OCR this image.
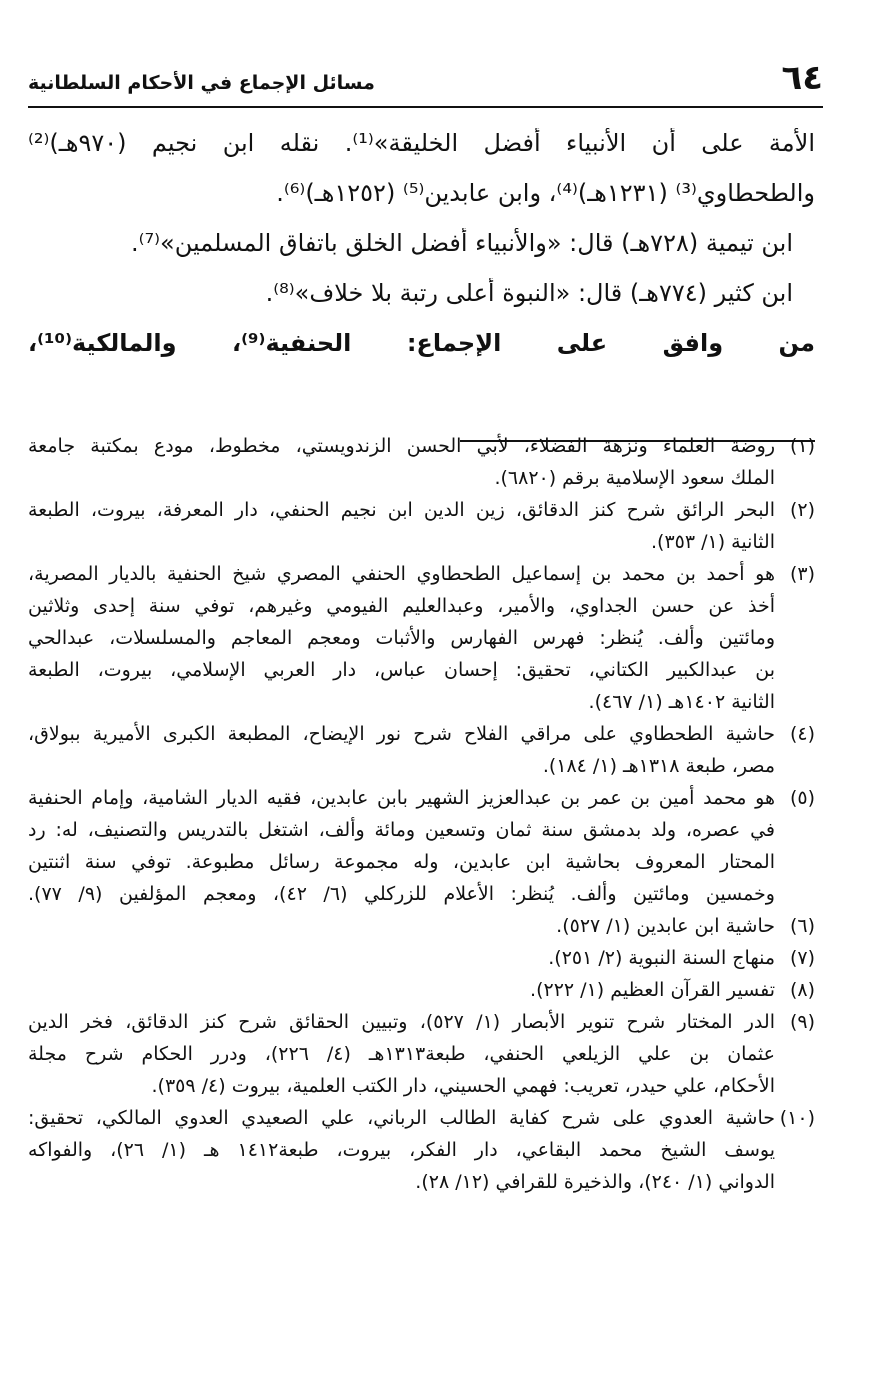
٦٤
مسائل الإجماع في الأحكام السلطانية
الأمة على أن الأنبياء أفضل الخليقة»⁽¹⁾. نقله ابن نجيم (٩٧٠هـ)⁽²⁾
والطحطاوي⁽³⁾ (١٢٣١هـ)⁽⁴⁾، وابن عابدين⁽⁵⁾ (١٢٥٢هـ)⁽⁶⁾.
ابن تيمية (٧٢٨هـ) قال: «والأنبياء أفضل الخلق باتفاق المسلمين»⁽⁷⁾.
ابن كثير (٧٧٤هـ) قال: «النبوة أعلى رتبة بلا خلاف»⁽⁸⁾.
من وافق على الإجماع: الحنفية⁽⁹⁾، والمالكية⁽¹⁰⁾،
(١)
روضة العلماء ونزهة الفضلاء، لأبي الحسن الزندويستي، مخطوط، مودع بمكتبة جامعة
الملك سعود الإسلامية برقم (٦٨٢٠).
(٢)
البحر الرائق شرح كنز الدقائق، زين الدين ابن نجيم الحنفي، دار المعرفة، بيروت، الطبعة
الثانية (١/ ٣٥٣).
(٣)
هو أحمد بن محمد بن إسماعيل الطحطاوي الحنفي المصري شيخ الحنفية بالديار المصرية،
أخذ عن حسن الجداوي، والأمير، وعبدالعليم الفيومي وغيرهم، توفي سنة إحدى وثلاثين
ومائتين وألف. يُنظر: فهرس الفهارس والأثبات ومعجم المعاجم والمسلسلات، عبدالحي
بن عبدالكبير الكتاني، تحقيق: إحسان عباس، دار العربي الإسلامي، بيروت، الطبعة
الثانية ١٤٠٢هـ (١/ ٤٦٧).
(٤)
حاشية الطحطاوي على مراقي الفلاح شرح نور الإيضاح، المطبعة الكبرى الأميرية ببولاق،
مصر، طبعة ١٣١٨هـ (١/ ١٨٤).
(٥)
هو محمد أمين بن عمر بن عبدالعزيز الشهير بابن عابدين، فقيه الديار الشامية، وإمام الحنفية
في عصره، ولد بدمشق سنة ثمان وتسعين ومائة وألف، اشتغل بالتدريس والتصنيف، له: رد
المحتار المعروف بحاشية ابن عابدين، وله مجموعة رسائل مطبوعة. توفي سنة اثنتين
وخمسين ومائتين وألف. يُنظر: الأعلام للزركلي (٦/ ٤٢)، ومعجم المؤلفين (٩/ ٧٧).
(٦)
حاشية ابن عابدين (١/ ٥٢٧).
(٧)
منهاج السنة النبوية (٢/ ٢٥١).
(٨)
تفسير القرآن العظيم (١/ ٢٢٢).
(٩)
الدر المختار شرح تنوير الأبصار (١/ ٥٢٧)، وتبيين الحقائق شرح كنز الدقائق، فخر الدين
عثمان بن علي الزيلعي الحنفي، طبعة١٣١٣هـ (٤/ ٢٢٦)، ودرر الحكام شرح مجلة
الأحكام، علي حيدر، تعريب: فهمي الحسيني، دار الكتب العلمية، بيروت (٤/ ٣٥٩).
(١٠)
حاشية العدوي على شرح كفاية الطالب الرباني، علي الصعيدي العدوي المالكي، تحقيق:
يوسف الشيخ محمد البقاعي، دار الفكر، بيروت، طبعة١٤١٢ هـ (١/ ٢٦)، والفواكه
الدواني (١/ ٢٤٠)، والذخيرة للقرافي (١٢/ ٢٨).
